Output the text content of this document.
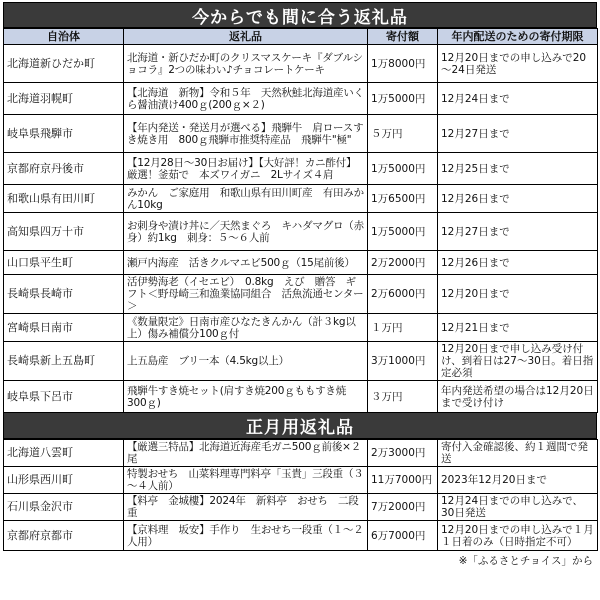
今からでも間に合う返礼品
自治体	返礼品	寄付額	年内配送のための寄付期限
北海道新ひだか町	北海道・新ひだか町のクリスマスケーキ『ダブルショコラ』2つの味わい♪チョコレートケーキ	1万8000円	12月20日までの申し込みで20～24日発送
北海道羽幌町	【北海道　新物】令和５年　天然秋鮭北海道産いくら醤油漬け400ｇ(200ｇ×２)	1万5000円	12月24日まで
岐阜県飛騨市	【年内発送・発送月が選べる】飛騨牛　肩ロースすき焼き用　800ｇ飛騨市推奨特産品　飛騨牛"極"	５万円	12月27日まで
京都府京丹後市	【12月28日～30日お届け】【大好評！カニ酢付】厳選！釜茹で　本ズワイガニ　2Lサイズ４肩	1万5000円	12月25日まで
和歌山県有田川町	みかん　ご家庭用　和歌山県有田川町産　有田みかん10kg	1万6500円	12月26日まで
高知県四万十市	お刺身や漬け丼に／天然まぐろ　キハダマグロ（赤身）約1kg　刺身：５～６人前	1万5000円	12月27日まで
山口県平生町	瀬戸内海産　活きクルマエビ500ｇ（15尾前後）	2万2000円	12月26日まで
長崎県長崎市	活伊勢海老（イセエビ）　0.8kg　えび　贈答　ギフト＜野母崎三和漁業協同組合　活魚流通センター＞	2万6000円	12月20日まで
宮崎県日南市	《数量限定》日南市産ひなたきんかん（計３kg以上）傷み補償分100ｇ付	１万円	12月21日まで
長崎県新上五島町	上五島産　ブリ一本（4.5kg以上）	3万1000円	12月20日まで申し込み受け付け、到着日は27～30日。着日指定必須
岐阜県下呂市	飛騨牛すき焼セット(肩すき焼200ｇももすき焼　300ｇ)	３万円	年内発送希望の場合は12月20日まで受け付け
正月用返礼品
北海道八雲町	【厳選三特品】北海道近海産毛ガニ500ｇ前後×２尾	2万3000円	寄付入金確認後、約１週間で発送
山形県西川町	特製おせち　山菜料理専門料亭「玉貴」三段重（３～４人前）	11万7000円	2023年12月20日まで
石川県金沢市	【料亭　金城樓】2024年　新料亭　おせち　二段重	7万2000円	12月24日までの申し込みで、30日発送
京都府京都市	【京料理　坂安】手作り　生おせち一段重（１～２人用）	6万7000円	12月20日までの申し込みで１月１日着のみ（日時指定不可）
※「ふるさとチョイス」から
